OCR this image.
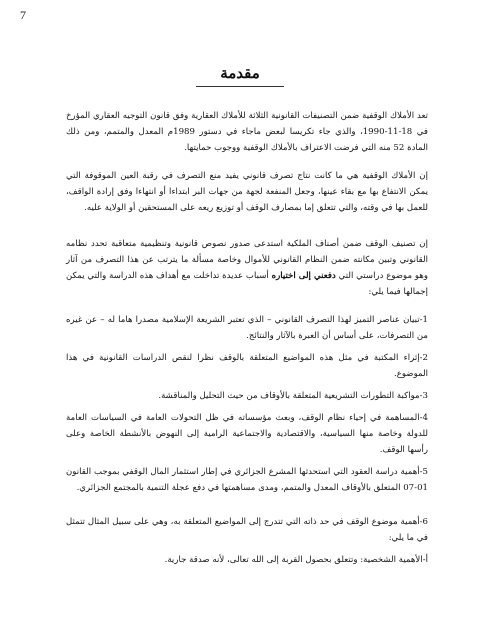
7
مقدمة

تعد الأملاك الوقفية ضمن التصنيفات القانونية الثلاثة للأملاك العقارية وفق قانون التوجيه العقاري المؤرخ في 18-11-1990، والذي جاء تكريسا لبعض ماجاء في دستور 1989م المعدل والمتمم، ومن ذلك المادة 52 منه التي فرضت الاعتراف بالأملاك الوقفية ووجوب حمايتها.

إن الأملاك الوقفية هي ما كانت نتاج تصرف قانوني يفيد منع التصرف في رقبة العين الموقوفة التي يمكن الانتفاع بها مع بقاء عينها، وجعل المنفعة لجهة من جهات البر ابتداءا أو انتهاءا وفق إرادة الواقف، للعمل بها في وقته، والتي تتعلق إما بمصارف الوقف أو توزيع ريعه على المستحقين أو الولاية عليه.

إن تصنيف الوقف ضمن أصناف الملكية استدعى صدور نصوص قانونية وتنظيمية متعاقبة تحدد نظامه القانوني وتبين مكانته ضمن النظام القانوني للأموال وخاصة مسألة ما يترتب عن هذا التصرف من آثار وهو موضوع دراستي التي دفعني إلى اختياره أسباب عديدة تداخلت مع أهداف هذه الدراسة والتي يمكن إجمالها فيما يلي:

1-تبيان عناصر التميز لهذا التصرف القانوني – الذي تعتبر الشريعة الإسلامية مصدرا هاما له – عن غيره من التصرفات، على أساس أن العبرة بالآثار والنتائج.

2-إثراء المكتبة في مثل هذه المواضيع المتعلقة بالوقف نظرا لنقص الدراسات القانونية في هذا الموضوع.

3-مواكبة التطورات التشريعية المتعلقة بالأوقاف من حيث التحليل والمناقشة.

4-المساهمة في إحياء نظام الوقف، وبعث مؤسساته في ظل التحولات العامة في السياسات العامة للدولة وخاصة منها السياسية، والاقتصادية والاجتماعية الرامية إلى النهوض بالأنشطة الخاصة وعلى رأسها الوقف.

5-أهمية دراسة العقود التي استحدثها المشرع الجزائري في إطار استثمار المال الوقفي بموجب القانون 01-07 المتعلق بالأوقاف المعدل والمتمم، ومدى مساهمتها في دفع عجلة التنمية بالمجتمع الجزائري.

6-أهمية موضوع الوقف في حد ذاته التي تتدرج إلى المواضيع المتعلقة به، وهي على سبيل المثال تتمثل في ما يلي:

أ-الأهمية الشخصية: وتتعلق بحصول القربة إلى الله تعالى، لأنه صدقة جارية.
